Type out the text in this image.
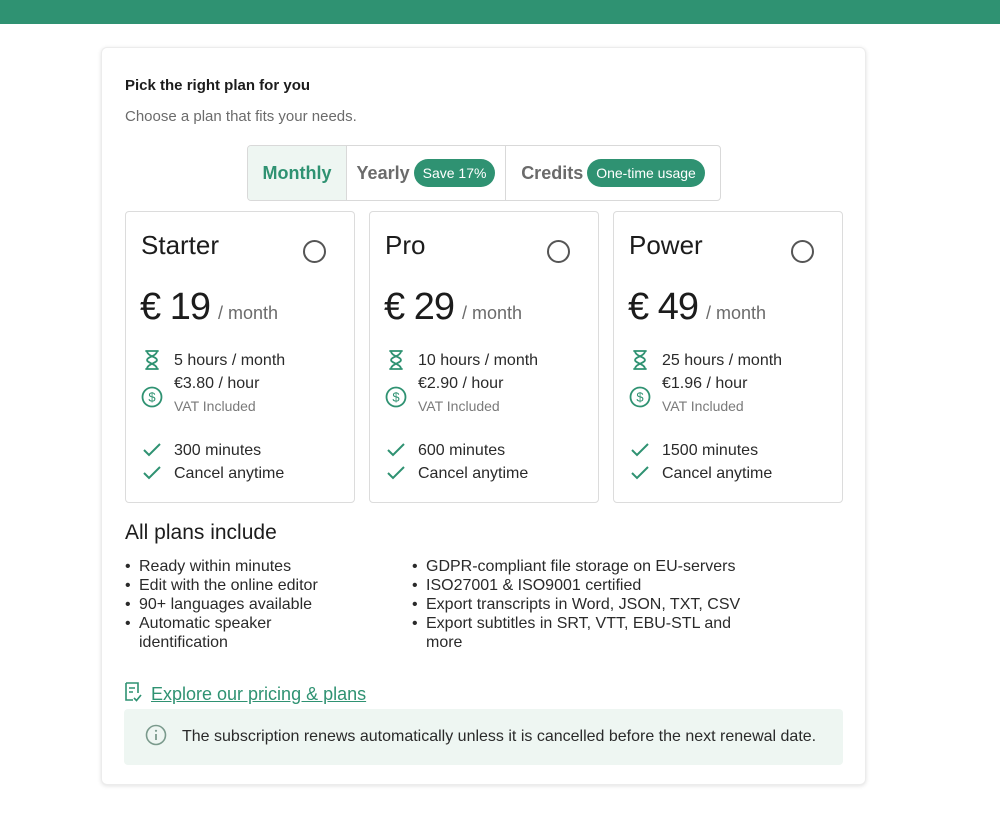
Pick the right plan for you
Choose a plan that fits your needs.
Monthly Yearly Save 17%	Credits One-time usage
Starter
€ 19 / month
5 hours / month
$
€3.80 / hour
VAT Included
300 minutes
Cancel anytime
Pro
€ 29 / month
10 hours / month
$
€2.90 / hour
VAT Included
600 minutes
Cancel anytime
Power
€ 49 / month
25 hours / month
$
€1.96 / hour
VAT Included
1500 minutes
Cancel anytime
All plans include
• Ready within minutes
• Edit with the online editor
• 90+ languages available
• Automatic speaker identification
• GDPR-compliant file storage on EU-servers
• ISO27001 & ISO9001 certified
• Export transcripts in Word, JSON, TXT, CSV
• Export subtitles in SRT, VTT, EBU-STL and more
Explore our pricing & plans
The subscription renews automatically unless it is cancelled before the next renewal date.
